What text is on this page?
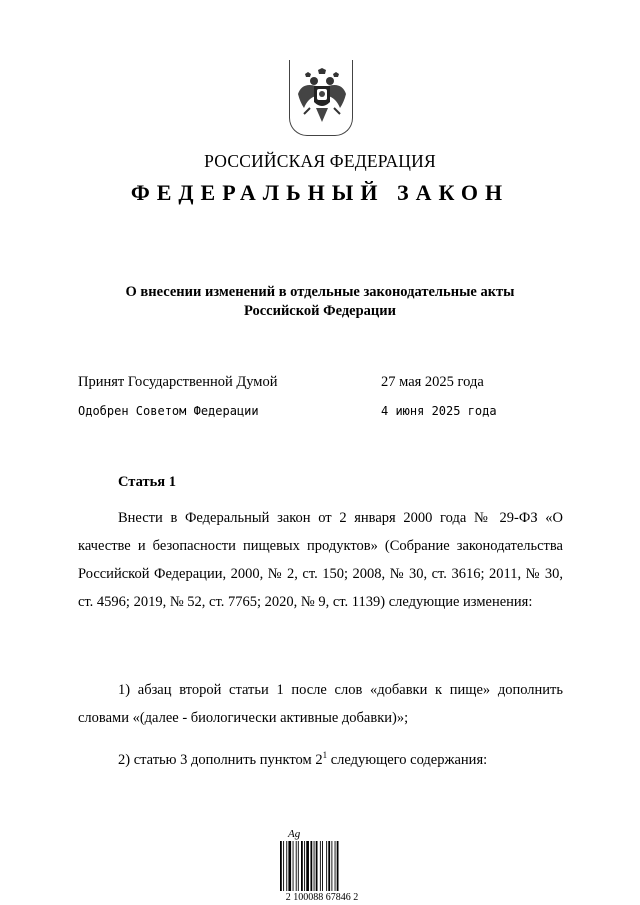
РОССИЙСКАЯ ФЕДЕРАЦИЯ
ФЕДЕРАЛЬНЫЙ ЗАКОН
О внесении изменений в отдельные законодательные акты
Российской Федерации
Принят Государственной Думой	27 мая 2025 года
Одобрен Советом Федерации	4 июня 2025 года
Статья 1

Внести в Федеральный закон от 2 января 2000 года № 29-ФЗ «О качестве и безопасности пищевых продуктов» (Собрание законодательства Российской Федерации, 2000, № 2, ст. 150; 2008, № 30, ст. 3616; 2011, № 30, ст. 4596; 2019, № 52, ст. 7765; 2020, № 9, ст. 1139) следующие изменения:

1) абзац второй статьи 1 после слов «добавки к пище» дополнить словами «(далее - биологически активные добавки)»;

2) статью 3 дополнить пунктом $2^1$ следующего содержания:

Ag
2 100088 67846 2
